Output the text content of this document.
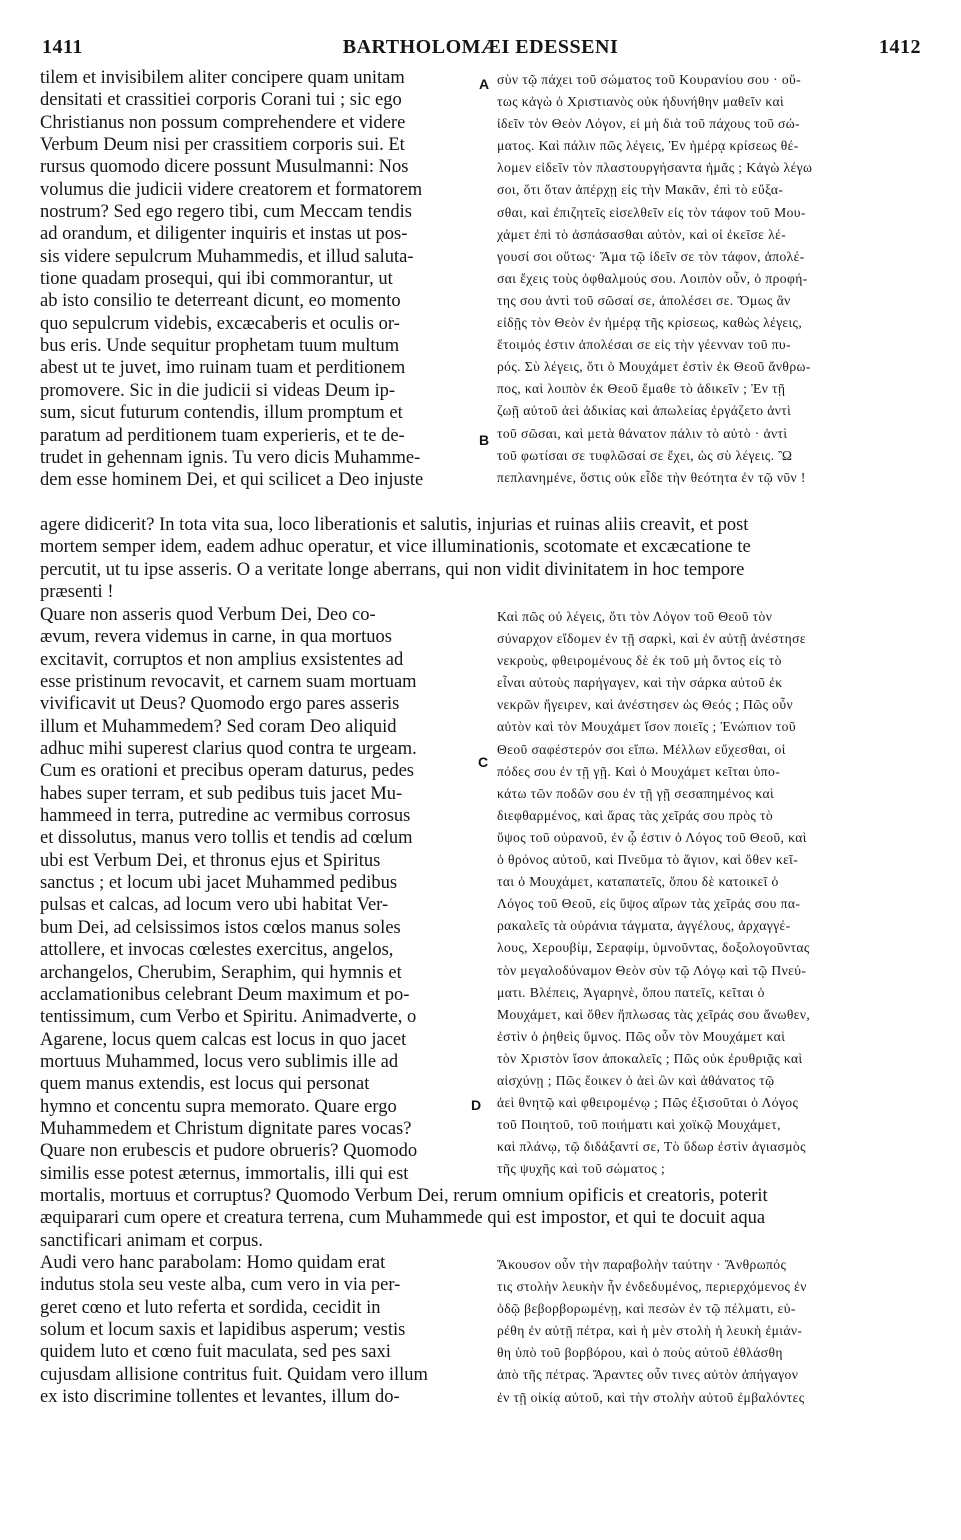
1411	BARTHOLOMÆI EDESSENI	1412
A
B
C
D
tilem et invisibilem aliter concipere quam unitam
densitati et crassitiei corporis Corani tui ; sic ego
Christianus non possum comprehendere et videre
Verbum Deum nisi per crassitiem corporis sui. Et
rursus quomodo dicere possunt Musulmanni: Nos
volumus die judicii videre creatorem et formatorem
nostrum? Sed ego regero tibi, cum Meccam tendis
ad orandum, et diligenter inquiris et instas ut pos-
sis videre sepulcrum Muhammedis, et illud saluta-
tione quadam prosequi, qui ibi commorantur, ut
ab isto consilio te deterreant dicunt, eo momento
quo sepulcrum videbis, excæcaberis et oculis or-
bus eris. Unde sequitur prophetam tuum multum
abest ut te juvet, imo ruinam tuam et perditionem
promovere. Sic in die judicii si videas Deum ip-
sum, sicut futurum contendis, illum promptum et
paratum ad perditionem tuam experieris, et te de-
trudet in gehennam ignis. Tu vero dicis Muhamme-
dem esse hominem Dei, et qui scilicet a Deo injuste
σὺν τῷ πάχει τοῦ σώματος τοῦ Κουρανίου σου · οὕ-
τως κἀγὼ ὁ Χριστιανὸς οὐκ ἠδυνήθην μαθεῖν καὶ
ἰδεῖν τὸν Θεὸν Λόγον, εἰ μὴ διὰ τοῦ πάχους τοῦ σώ-
ματος. Καὶ πάλιν πῶς λέγεις, Ἐν ἡμέρᾳ κρίσεως θέ-
λομεν εἰδεῖν τὸν πλαστουργήσαντα ἡμᾶς ; Κἀγὼ λέγω
σοι, ὅτι ὅταν ἀπέρχῃ εἰς τὴν Μακᾶν, ἐπὶ τὸ εὔξα-
σθαι, καὶ ἐπιζητεῖς εἰσελθεῖν εἰς τὸν τάφον τοῦ Μου-
χάμετ ἐπὶ τὸ ἀσπάσασθαι αὐτὸν, καὶ οἱ ἐκεῖσε λέ-
γουσί σοι οὕτως· Ἅμα τῷ ἰδεῖν σε τὸν τάφον, ἀπολέ-
σαι ἔχεις τοὺς ὀφθαλμούς σου. Λοιπὸν οὖν, ὁ προφή-
της σου ἀντὶ τοῦ σῶσαί σε, ἀπολέσει σε. Ὅμως ἂν
εἰδῇς τὸν Θεὸν ἐν ἡμέρᾳ τῆς κρίσεως, καθὼς λέγεις,
ἕτοιμός ἐστιν ἀπολέσαι σε εἰς τὴν γέενναν τοῦ πυ-
ρός. Σὺ λέγεις, ὅτι ὁ Μουχάμετ ἐστὶν ἐκ Θεοῦ ἄνθρω-
πος, καὶ λοιπὸν ἐκ Θεοῦ ἔμαθε τὸ ἀδικεῖν ; Ἐν τῇ
ζωῇ αὐτοῦ ἀεὶ ἀδικίας καὶ ἀπωλείας ἐργάζετο ἀντὶ
τοῦ σῶσαι, καὶ μετὰ θάνατον πάλιν τὸ αὐτὸ · ἀντὶ
τοῦ φωτίσαι σε τυφλῶσαί σε ἔχει, ὡς σὺ λέγεις. Ὢ
πεπλανημένε, ὅστις οὐκ εἶδε τὴν θεότητα ἐν τῷ νῦν !
agere didicerit? In tota vita sua, loco liberationis et salutis, injurias et ruinas aliis creavit, et post
mortem semper idem, eadem adhuc operatur, et vice illuminationis, scotomate et excæcatione te
percutit, ut tu ipse asseris. O a veritate longe aberrans, qui non vidit divinitatem in hoc tempore
præsenti !
Quare non asseris quod Verbum Dei, Deo co-
ævum, revera videmus in carne, in qua mortuos
excitavit, corruptos et non amplius exsistentes ad
esse pristinum revocavit, et carnem suam mortuam
vivificavit ut Deus? Quomodo ergo pares asseris
illum et Muhammedem? Sed coram Deo aliquid
adhuc mihi superest clarius quod contra te urgeam.
Cum es orationi et precibus operam daturus, pedes
habes super terram, et sub pedibus tuis jacet Mu-
hammeed in terra, putredine ac vermibus corrosus
et dissolutus, manus vero tollis et tendis ad cœlum
ubi est Verbum Dei, et thronus ejus et Spiritus
sanctus ; et locum ubi jacet Muhammed pedibus
pulsas et calcas, ad locum vero ubi habitat Ver-
bum Dei, ad celsissimos istos cœlos manus soles
attollere, et invocas cœlestes exercitus, angelos,
archangelos, Cherubim, Seraphim, qui hymnis et
acclamationibus celebrant Deum maximum et po-
tentissimum, cum Verbo et Spiritu. Animadverte, o
Agarene, locus quem calcas est locus in quo jacet
mortuus Muhammed, locus vero sublimis ille ad
quem manus extendis, est locus qui personat
hymno et concentu supra memorato. Quare ergo
Muhammedem et Christum dignitate pares vocas?
Quare non erubescis et pudore obrueris? Quomodo
similis esse potest æternus, immortalis, illi qui est
Καὶ πῶς οὐ λέγεις, ὅτι τὸν Λόγον τοῦ Θεοῦ τὸν
σύναρχον εἴδομεν ἐν τῇ σαρκὶ, καὶ ἐν αὐτῇ ἀνέστησε
νεκροὺς, φθειρομένους δὲ ἐκ τοῦ μὴ ὄντος εἰς τὸ
εἶναι αὐτοὺς παρήγαγεν, καὶ τὴν σάρκα αὐτοῦ ἐκ
νεκρῶν ἤγειρεν, καὶ ἀνέστησεν ὡς Θεός ; Πῶς οὖν
αὐτὸν καὶ τὸν Μουχάμετ ἴσον ποιεῖς ; Ἐνώπιον τοῦ
Θεοῦ σαφέστερόν σοι εἴπω. Μέλλων εὔχεσθαι, οἱ
πόδες σου ἐν τῇ γῇ. Καὶ ὁ Μουχάμετ κεῖται ὑπο-
κάτω τῶν ποδῶν σου ἐν τῇ γῇ σεσαπημένος καὶ
διεφθαρμένος, καὶ ἄρας τὰς χεῖράς σου πρὸς τὸ
ὕψος τοῦ οὐρανοῦ, ἐν ᾧ ἐστιν ὁ Λόγος τοῦ Θεοῦ, καὶ
ὁ θρόνος αὐτοῦ, καὶ Πνεῦμα τὸ ἅγιον, καὶ ὅθεν κεῖ-
ται ὁ Μουχάμετ, καταπατεῖς, ὅπου δὲ κατοικεῖ ὁ
Λόγος τοῦ Θεοῦ, εἰς ὕψος αἴρων τὰς χεῖράς σου πα-
ρακαλεῖς τὰ οὐράνια τάγματα, ἀγγέλους, ἀρχαγγέ-
λους, Χερουβίμ, Σεραφίμ, ὑμνοῦντας, δοξολογοῦντας
τὸν μεγαλοδύναμον Θεὸν σὺν τῷ Λόγῳ καὶ τῷ Πνεύ-
ματι. Βλέπεις, Ἀγαρηνὲ, ὅπου πατεῖς, κεῖται ὁ
Μουχάμετ, καὶ ὅθεν ἥπλωσας τὰς χεῖράς σου ἄνωθεν,
ἐστὶν ὁ ῥηθεὶς ὕμνος. Πῶς οὖν τὸν Μουχάμετ καὶ
τὸν Χριστὸν ἴσον ἀποκαλεῖς ; Πῶς οὐκ ἐρυθριᾷς καὶ
αἰσχύνῃ ; Πῶς ἔοικεν ὁ ἀεὶ ὢν καὶ ἀθάνατος τῷ
ἀεὶ θνητῷ καὶ φθειρομένῳ ; Πῶς ἐξισοῦται ὁ Λόγος
τοῦ Ποιητοῦ, τοῦ ποιήματι καὶ χοϊκῷ Μουχάμετ,
καὶ πλάνῳ, τῷ διδάξαντί σε, Τὸ ὕδωρ ἐστὶν ἁγιασμὸς
τῆς ψυχῆς καὶ τοῦ σώματος ;
mortalis, mortuus et corruptus? Quomodo Verbum Dei, rerum omnium opificis et creatoris, poterit
æquiparari cum opere et creatura terrena, cum Muhammede qui est impostor, et qui te docuit aqua
sanctificari animam et corpus.
Audi vero hanc parabolam: Homo quidam erat
indutus stola seu veste alba, cum vero in via per-
geret cœno et luto referta et sordida, cecidit in
solum et locum saxis et lapidibus asperum; vestis
quidem luto et cœno fuit maculata, sed pes saxi
cujusdam allisione contritus fuit. Quidam vero illum
ex isto discrimine tollentes et levantes, illum do-
Ἄκουσον οὖν τὴν παραβολὴν ταύτην · Ἄνθρωπός
τις στολὴν λευκὴν ἦν ἐνδεδυμένος, περιερχόμενος ἐν
ὁδῷ βεβορβορωμένῃ, καὶ πεσὼν ἐν τῷ πέλματι, εὑ-
ρέθη ἐν αὐτῇ πέτρα, καὶ ἡ μὲν στολὴ ἡ λευκὴ ἐμιάν-
θη ὑπὸ τοῦ βορβόρου, καὶ ὁ ποὺς αὐτοῦ ἐθλάσθη
ἀπὸ τῆς πέτρας. Ἄραντες οὖν τινες αὐτὸν ἀπήγαγον
ἐν τῇ οἰκίᾳ αὐτοῦ, καὶ τὴν στολὴν αὐτοῦ ἐμβαλόντες
